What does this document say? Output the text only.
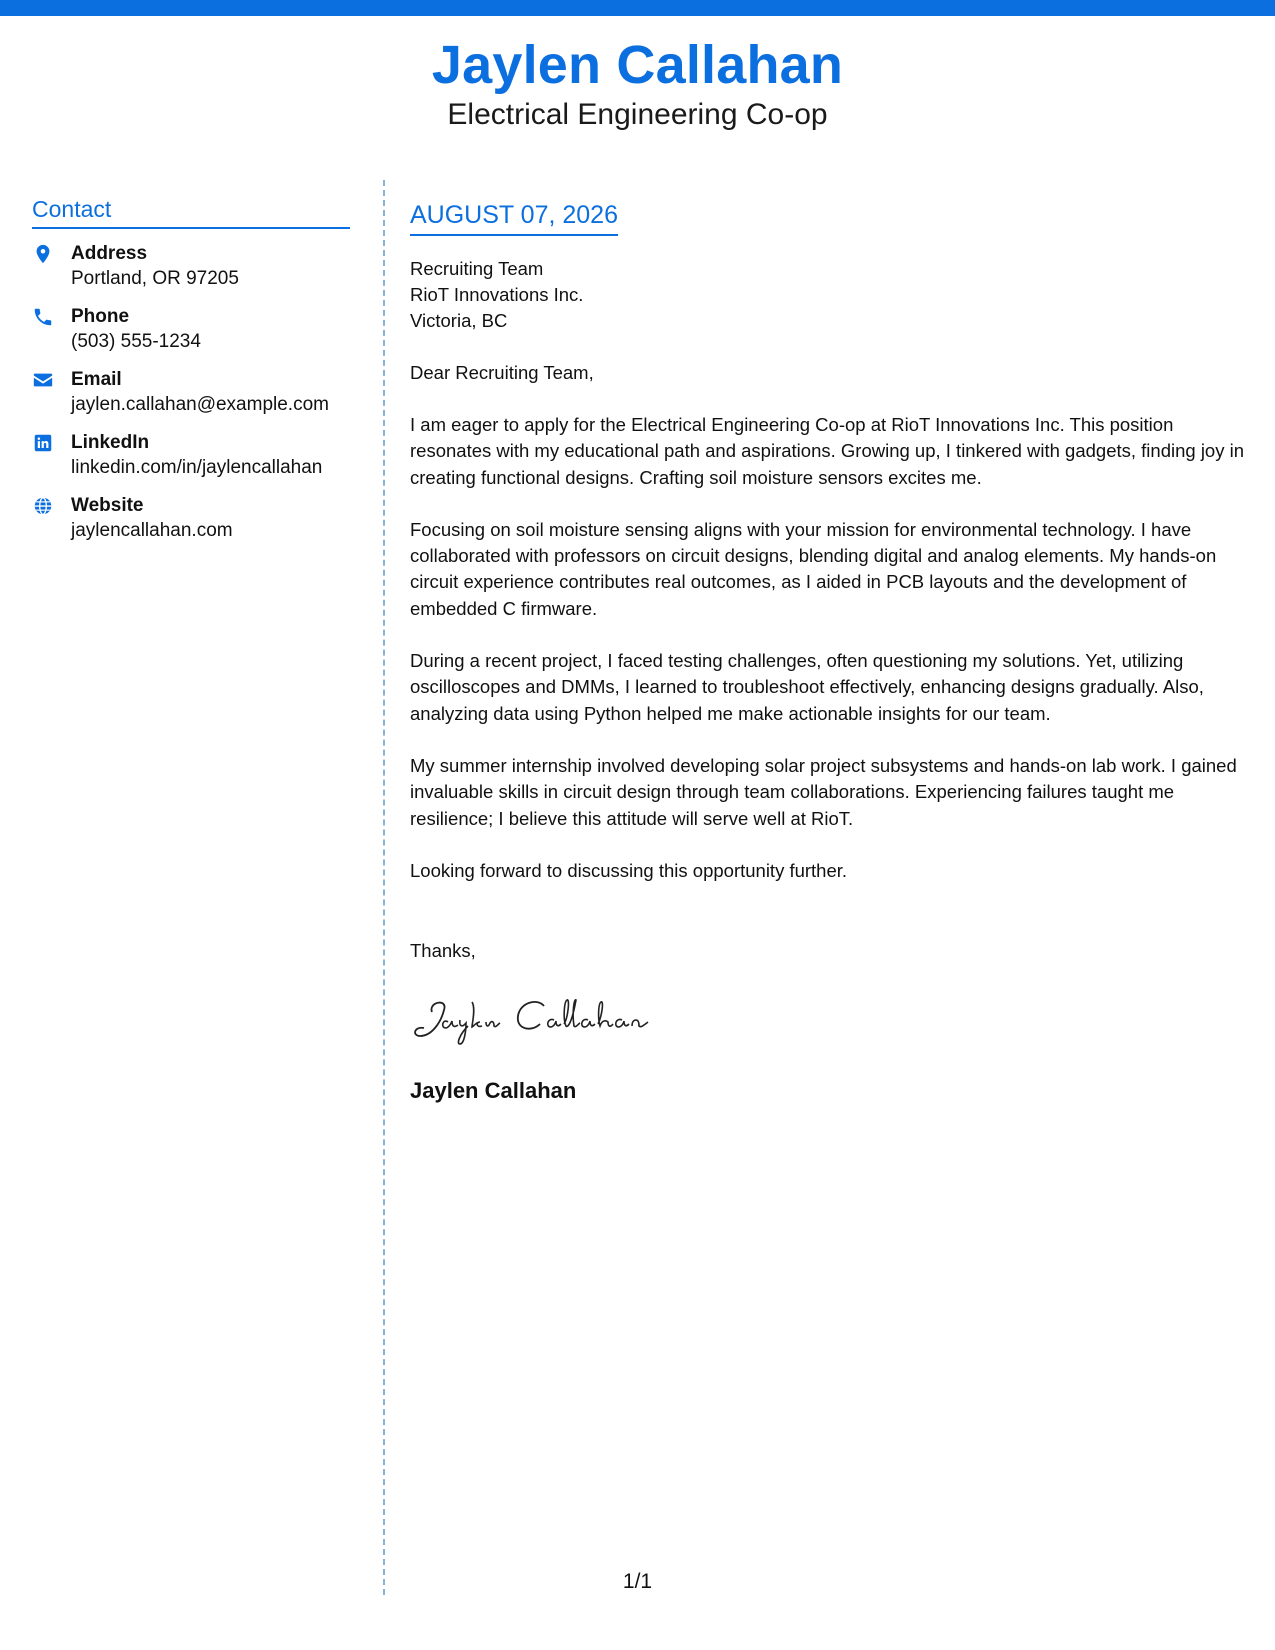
Jaylen Callahan
Electrical Engineering Co-op
Contact
Address
Portland, OR 97205
Phone
(503) 555-1234
Email
jaylen.callahan@example.com
LinkedIn
linkedin.com/in/jaylencallahan
Website
jaylencallahan.com
AUGUST 07, 2026
Recruiting Team
RioT Innovations Inc.
Victoria, BC
Dear Recruiting Team,
I am eager to apply for the Electrical Engineering Co-op at RioT Innovations Inc. This position resonates with my educational path and aspirations. Growing up, I tinkered with gadgets, finding joy in creating functional designs. Crafting soil moisture sensors excites me.
Focusing on soil moisture sensing aligns with your mission for environmental technology. I have collaborated with professors on circuit designs, blending digital and analog elements. My hands-on circuit experience contributes real outcomes, as I aided in PCB layouts and the development of embedded C firmware.
During a recent project, I faced testing challenges, often questioning my solutions. Yet, utilizing oscilloscopes and DMMs, I learned to troubleshoot effectively, enhancing designs gradually. Also, analyzing data using Python helped me make actionable insights for our team.
My summer internship involved developing solar project subsystems and hands-on lab work. I gained invaluable skills in circuit design through team collaborations. Experiencing failures taught me resilience; I believe this attitude will serve well at RioT.
Looking forward to discussing this opportunity further.
Thanks,
Jaylen Callahan
1/1
